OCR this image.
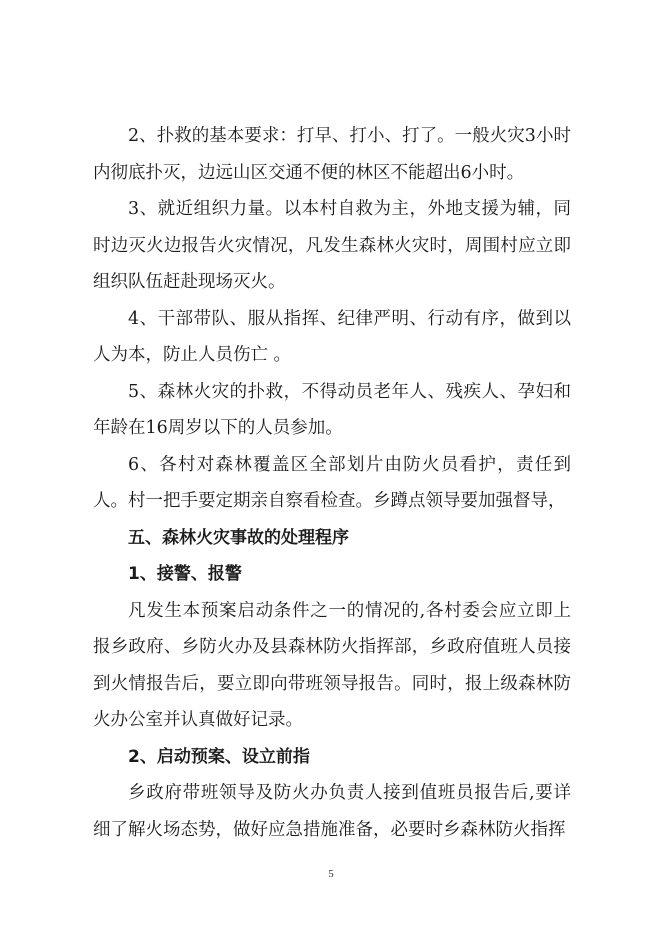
2、扑救的基本要求：打早、打小、打了。一般火灾3小时内彻底扑灭，边远山区交通不便的林区不能超出6小时。

3、就近组织力量。以本村自救为主，外地支援为辅，同时边灭火边报告火灾情况，凡发生森林火灾时，周围村应立即组织队伍赶赴现场灭火。

4、干部带队、服从指挥、纪律严明、行动有序，做到以人为本，防止人员伤亡 。

5、森林火灾的扑救，不得动员老年人、残疾人、孕妇和年龄在16周岁以下的人员参加。

6、各村对森林覆盖区全部划片由防火员看护，责任到人。村一把手要定期亲自察看检查。乡蹲点领导要加强督导，

五、森林火灾事故的处理程序

1、接警、报警

凡发生本预案启动条件之一的情况的,各村委会应立即上报乡政府、乡防火办及县森林防火指挥部，乡政府值班人员接到火情报告后，要立即向带班领导报告。同时，报上级森林防火办公室并认真做好记录。

2、启动预案、设立前指

乡政府带班领导及防火办负责人接到值班员报告后,要详细了解火场态势，做好应急措施准备，必要时乡森林防火指挥

5
